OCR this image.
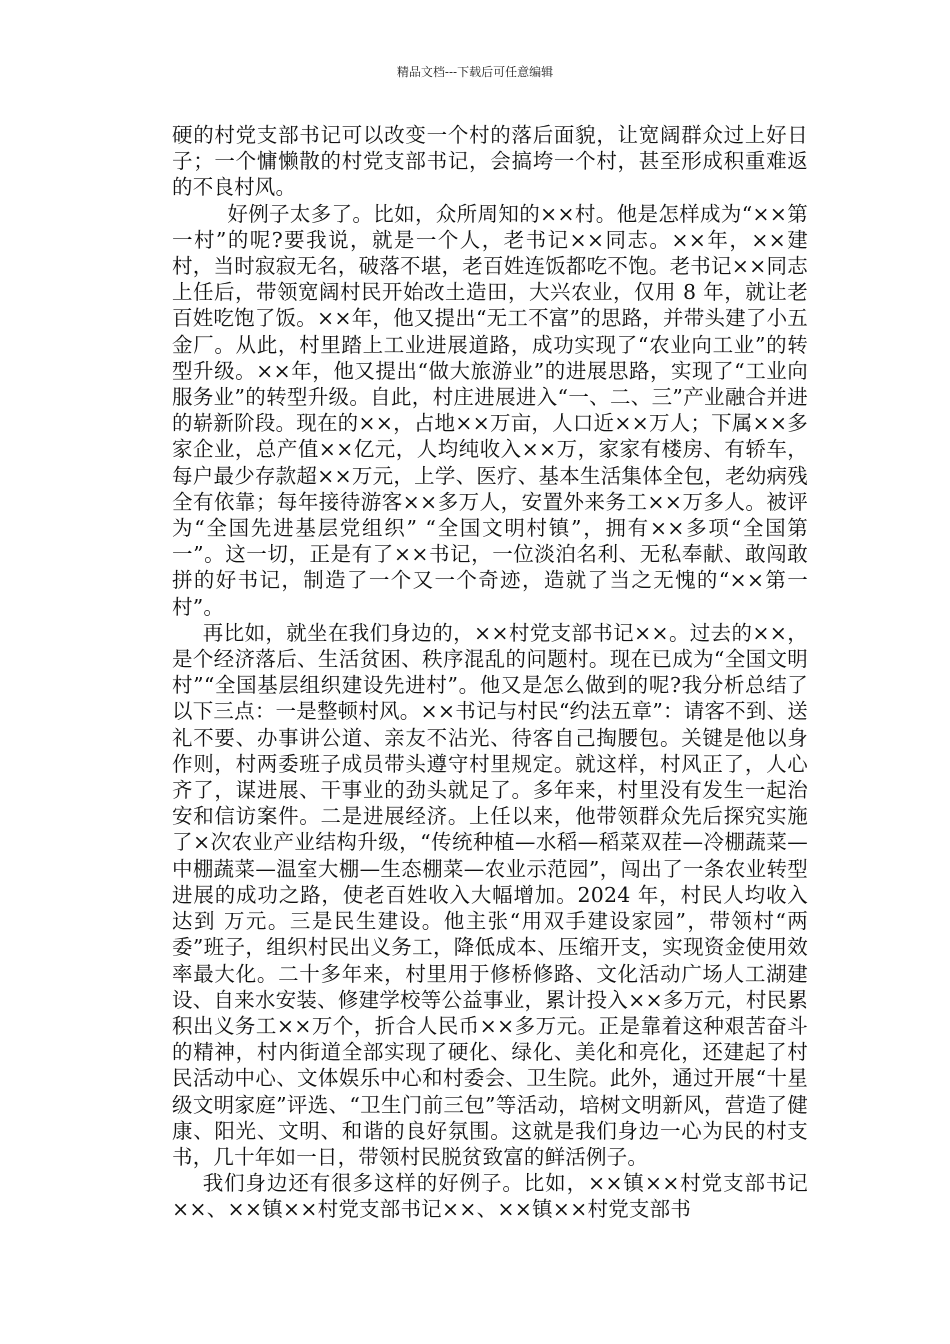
精品文档---下载后可任意编辑

硬的村党支部书记可以改变一个村的落后面貌，让宽阔群众过上好日子；一个慵懒散的村党支部书记，会搞垮一个村，甚至形成积重难返的不良村风。

好例子太多了。比如，众所周知的××村。他是怎样成为“××第一村”的呢?要我说，就是一个人，老书记××同志。××年，××建村，当时寂寂无名，破落不堪，老百姓连饭都吃不饱。老书记××同志上任后，带领宽阔村民开始改土造田，大兴农业，仅用 8 年，就让老百姓吃饱了饭。××年，他又提出“无工不富”的思路，并带头建了小五金厂。从此，村里踏上工业进展道路，成功实现了“农业向工业”的转型升级。××年，他又提出“做大旅游业”的进展思路，实现了“工业向服务业”的转型升级。自此，村庄进展进入“一、二、三”产业融合并进的崭新阶段。现在的××，占地××万亩，人口近××万人；下属××多家企业，总产值××亿元，人均纯收入××万，家家有楼房、有轿车，每户最少存款超××万元，上学、医疗、基本生活集体全包，老幼病残全有依靠；每年接待游客××多万人，安置外来务工××万多人。被评为“全国先进基层党组织” “全国文明村镇”，拥有××多项“全国第一”。这一切，正是有了××书记，一位淡泊名利、无私奉献、敢闯敢拼的好书记，制造了一个又一个奇迹，造就了当之无愧的“××第一村”。

再比如，就坐在我们身边的，××村党支部书记××。过去的××，是个经济落后、生活贫困、秩序混乱的问题村。现在已成为“全国文明村”“全国基层组织建设先进村”。他又是怎么做到的呢?我分析总结了以下三点：一是整顿村风。××书记与村民“约法五章”：请客不到、送礼不要、办事讲公道、亲友不沾光、待客自己掏腰包。关键是他以身作则，村两委班子成员带头遵守村里规定。就这样，村风正了，人心齐了，谋进展、干事业的劲头就足了。多年来，村里没有发生一起治安和信访案件。二是进展经济。上任以来，他带领群众先后探究实施了×次农业产业结构升级，“传统种植—水稻—稻菜双茬—冷棚蔬菜—中棚蔬菜—温室大棚—生态棚菜—农业示范园”，闯出了一条农业转型进展的成功之路，使老百姓收入大幅增加。2024 年，村民人均收入达到 万元。三是民生建设。他主张“用双手建设家园”，带领村“两委”班子，组织村民出义务工，降低成本、压缩开支，实现资金使用效率最大化。二十多年来，村里用于修桥修路、文化活动广场人工湖建设、自来水安装、修建学校等公益事业，累计投入××多万元，村民累积出义务工××万个，折合人民币××多万元。正是靠着这种艰苦奋斗的精神，村内街道全部实现了硬化、绿化、美化和亮化，还建起了村民活动中心、文体娱乐中心和村委会、卫生院。此外，通过开展“十星级文明家庭”评选、“卫生门前三包”等活动，培树文明新风，营造了健康、阳光、文明、和谐的良好氛围。这就是我们身边一心为民的村支书，几十年如一日，带领村民脱贫致富的鲜活例子。

我们身边还有很多这样的好例子。比如，××镇××村党支部书记××、××镇××村党支部书记××、××镇××村党支部书
